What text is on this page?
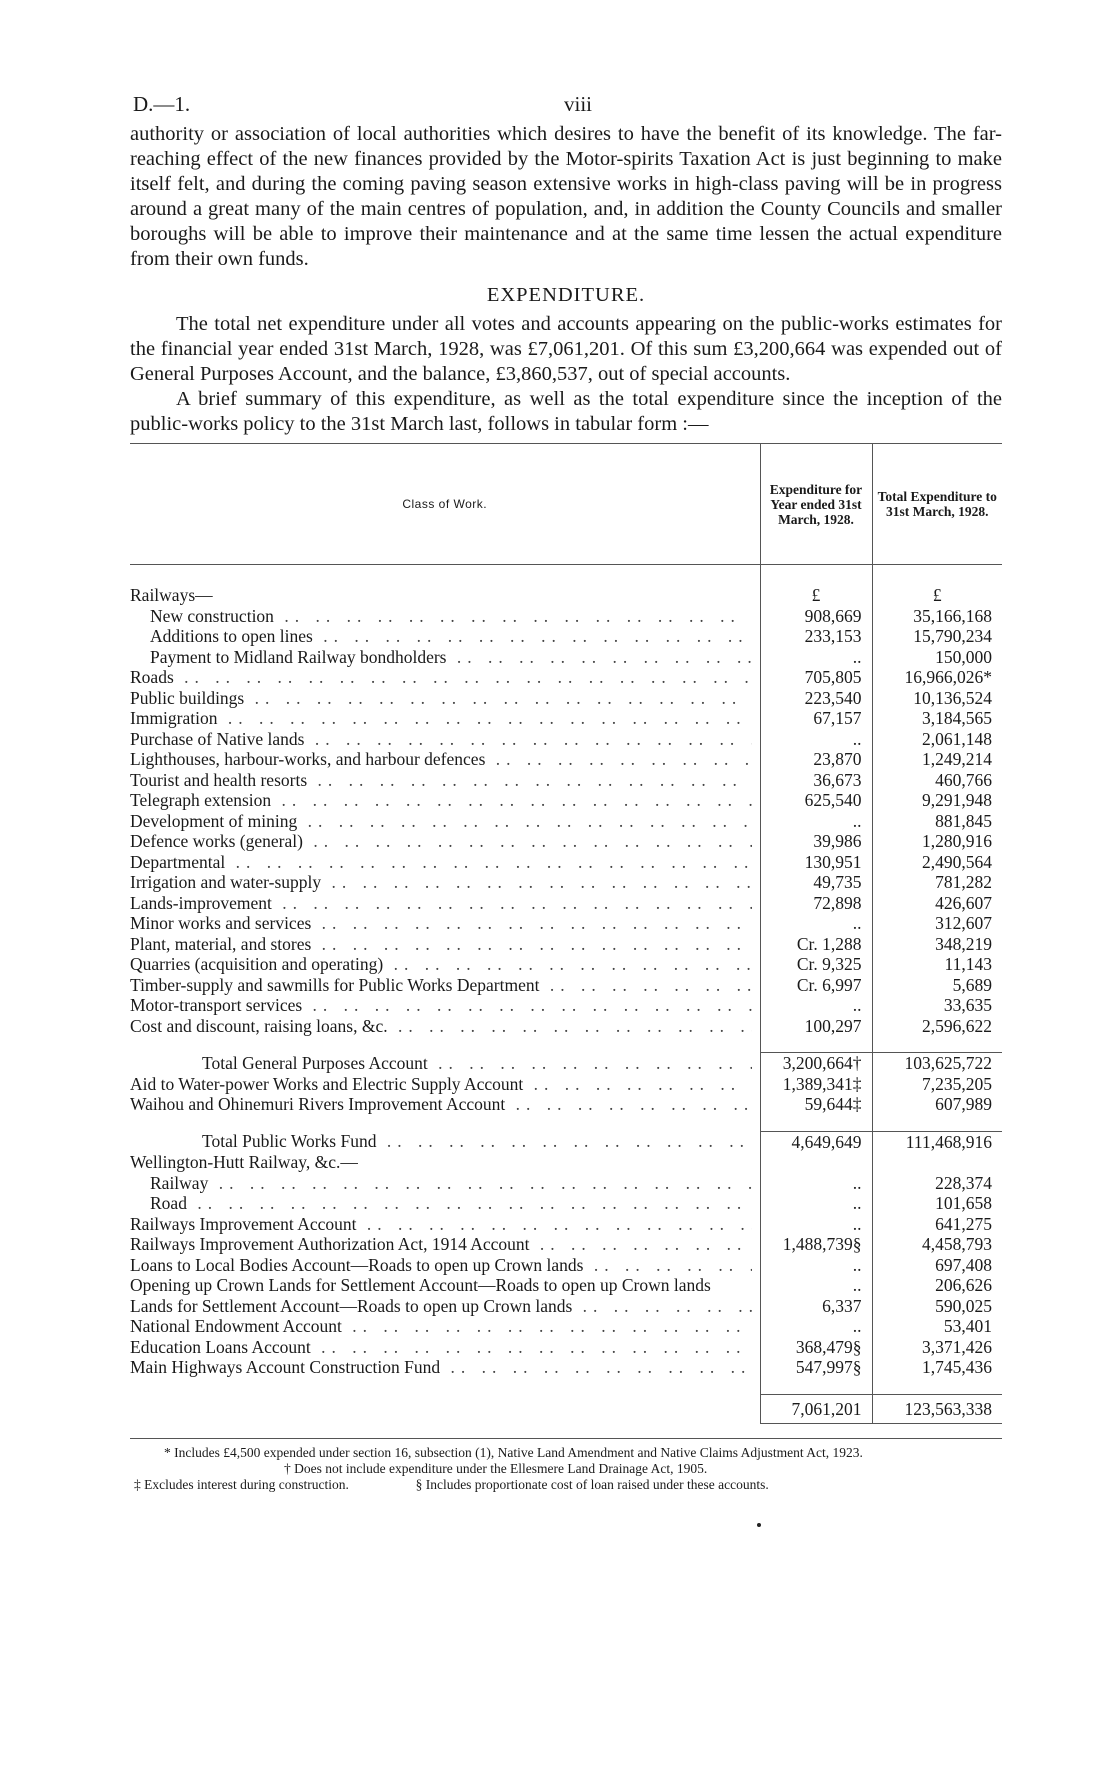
D.—1.	viii

authority or association of local authorities which desires to have the benefit of its knowledge. The far-reaching effect of the new finances provided by the Motor-spirits Taxation Act is just beginning to make itself felt, and during the coming paving season extensive works in high-class paving will be in progress around a great many of the main centres of population, and, in addition the County Councils and smaller boroughs will be able to improve their maintenance and at the same time lessen the actual expenditure from their own funds.

EXPENDITURE.

The total net expenditure under all votes and accounts appearing on the public-works estimates for the financial year ended 31st March, 1928, was £7,061,201. Of this sum £3,200,664 was expended out of General Purposes Account, and the balance, £3,860,537, out of special accounts.

A brief summary of this expenditure, as well as the total expenditure since the inception of the public-works policy to the 31st March last, follows in tabular form :—

Class of Work.	Expenditure for Year ended 31st March, 1928.	Total Expenditure to 31st March, 1928.
Railways—	£	£

New construction .. ..	908,669	35,166,168

Additions to open lines .. ..	233,153	15,790,234

Payment to Midland Railway bondholders .. ..	..	150,000

Roads .. ..	705,805	16,966,026*

Public buildings .. ..	223,540	10,136,524

Immigration .. ..	67,157	3,184,565

Purchase of Native lands .. ..	..	2,061,148

Lighthouses, harbour-works, and harbour defences .. ..	23,870	1,249,214

Tourist and health resorts .. ..	36,673	460,766

Telegraph extension .. ..	625,540	9,291,948

Development of mining .. ..	..	881,845

Defence works (general) .. ..	39,986	1,280,916

Departmental .. ..	130,951	2,490,564

Irrigation and water-supply .. ..	49,735	781,282

Lands-improvement .. ..	72,898	426,607

Minor works and services .. ..	..	312,607

Plant, material, and stores .. ..	Cr. 1,288	348,219

Quarries (acquisition and operating) .. ..	Cr. 9,325	11,143

Timber-supply and sawmills for Public Works Department .. ..	Cr. 6,997	5,689

Motor-transport services .. ..	..	33,635

Cost and discount, raising loans, &c. .. ..	100,297	2,596,622

Total General Purposes Account .. ..	3,200,664†	103,625,722

Aid to Water-power Works and Electric Supply Account .. ..	1,389,341‡	7,235,205

Waihou and Ohinemuri Rivers Improvement Account .. ..	59,644‡	607,989

Total Public Works Fund .. ..	4,649,649	111,468,916
Wellington-Hutt Railway, &c.—		

Railway .. ..	..	228,374

Road .. ..	..	101,658

Railways Improvement Account .. ..	..	641,275

Railways Improvement Authorization Act, 1914 Account .. ..	1,488,739§	4,458,793

Loans to Local Bodies Account—Roads to open up Crown lands .. ..	..	697,408
Opening up Crown Lands for Settlement Account—Roads to open up Crown lands	..	206,626

Lands for Settlement Account—Roads to open up Crown lands .. ..	6,337	590,025

National Endowment Account .. ..	..	53,401

Education Loans Account .. ..	368,479§	3,371,426

Main Highways Account Construction Fund .. ..	547,997§	1,745,436

	7,061,201	123,563,338

* Includes £4,500 expended under section 16, subsection (1), Native Land Amendment and Native Claims Adjustment Act, 1923.

† Does not include expenditure under the Ellesmere Land Drainage Act, 1905.

‡ Excludes interest during construction.	§ Includes proportionate cost of loan raised under these accounts.
